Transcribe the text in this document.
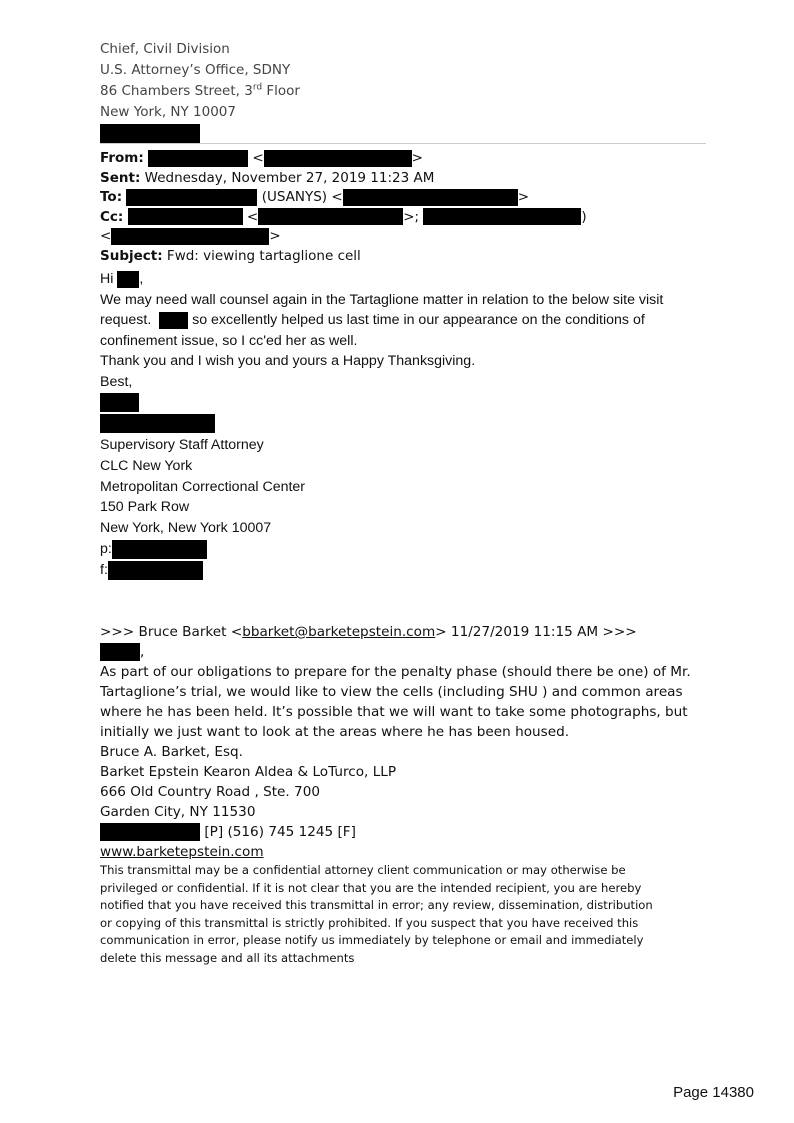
Chief, Civil Division
U.S. Attorney’s Office, SDNY
86 Chambers Street, 3rd Floor
New York, NY 10007
From:	<	>
Sent: Wednesday, November 27, 2019 11:23 AM
To:	(USANYS) <	>
Cc:	<	>;	)
<	>
Subject: Fwd: viewing tartaglione cell
Hi ,
We may need wall counsel again in the Tartaglione matter in relation to the below site visit
request.	so excellently helped us last time in our appearance on the conditions of
confinement issue, so I cc'ed her as well.
Thank you and I wish you and yours a Happy Thanksgiving.
Best,
Supervisory Staff Attorney
CLC New York
Metropolitan Correctional Center
150 Park Row
New York, New York 10007
p:
f:
>>> Bruce Barket <bbarket@barketepstein.com> 11/27/2019 11:15 AM >>>
,
As part of our obligations to prepare for the penalty phase (should there be one) of Mr.
Tartaglione’s trial, we would like to view the cells (including SHU ) and common areas
where he has been held. It’s possible that we will want to take some photographs, but
initially we just want to look at the areas where he has been housed.
Bruce A. Barket, Esq.
Barket Epstein Kearon Aldea & LoTurco, LLP
666 Old Country Road , Ste. 700
Garden City, NY 11530
[P] (516) 745 1245 [F]
www.barketepstein.com
This transmittal may be a confidential attorney client communication or may otherwise be
privileged or confidential. If it is not clear that you are the intended recipient, you are hereby
notified that you have received this transmittal in error; any review, dissemination, distribution
or copying of this transmittal is strictly prohibited. If you suspect that you have received this
communication in error, please notify us immediately by telephone or email and immediately
delete this message and all its attachments
Page 14380
